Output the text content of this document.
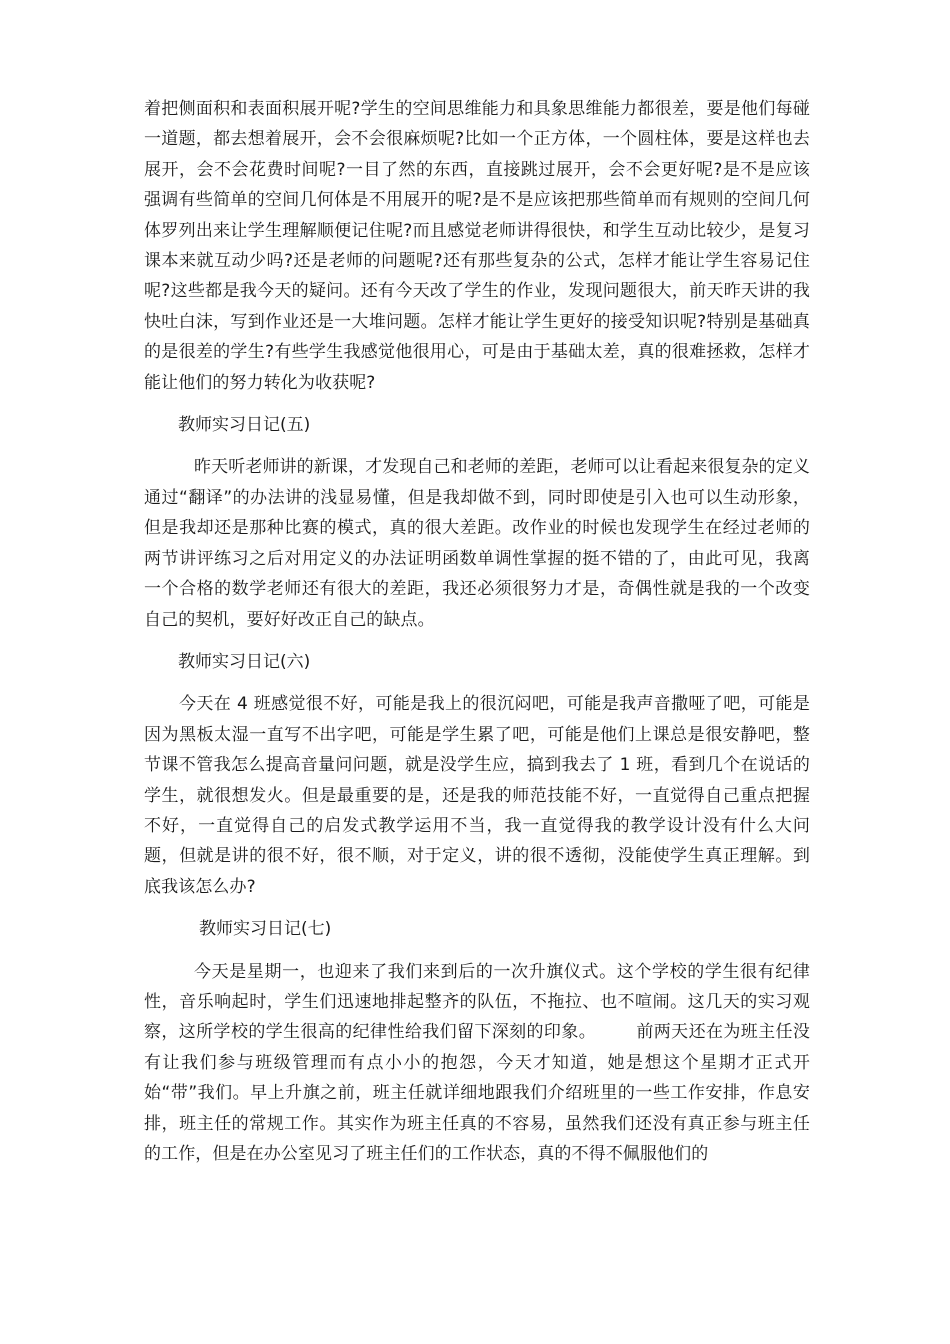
着把侧面积和表面积展开呢?学生的空间思维能力和具象思维能力都很差，要是他们每碰一道题，都去想着展开，会不会很麻烦呢?比如一个正方体，一个圆柱体，要是这样也去展开，会不会花费时间呢?一目了然的东西，直接跳过展开，会不会更好呢?是不是应该强调有些简单的空间几何体是不用展开的呢?是不是应该把那些简单而有规则的空间几何体罗列出来让学生理解顺便记住呢?而且感觉老师讲得很快，和学生互动比较少，是复习课本来就互动少吗?还是老师的问题呢?还有那些复杂的公式，怎样才能让学生容易记住呢?这些都是我今天的疑问。还有今天改了学生的作业，发现问题很大，前天昨天讲的我快吐白沫，写到作业还是一大堆问题。怎样才能让学生更好的接受知识呢?特别是基础真的是很差的学生?有些学生我感觉他很用心，可是由于基础太差，真的很难拯救，怎样才能让他们的努力转化为收获呢?

教师实习日记(五)

昨天听老师讲的新课，才发现自己和老师的差距，老师可以让看起来很复杂的定义通过“翻译”的办法讲的浅显易懂，但是我却做不到，同时即使是引入也可以生动形象，但是我却还是那种比赛的模式，真的很大差距。改作业的时候也发现学生在经过老师的两节讲评练习之后对用定义的办法证明函数单调性掌握的挺不错的了，由此可见，我离一个合格的数学老师还有很大的差距，我还必须很努力才是，奇偶性就是我的一个改变自己的契机，要好好改正自己的缺点。

教师实习日记(六)

今天在 4 班感觉很不好，可能是我上的很沉闷吧，可能是我声音撒哑了吧，可能是因为黑板太湿一直写不出字吧，可能是学生累了吧，可能是他们上课总是很安静吧，整节课不管我怎么提高音量问问题，就是没学生应，搞到我去了 1 班，看到几个在说话的学生，就很想发火。但是最重要的是，还是我的师范技能不好，一直觉得自己重点把握不好，一直觉得自己的启发式教学运用不当，我一直觉得我的教学设计没有什么大问题，但就是讲的很不好，很不顺，对于定义，讲的很不透彻，没能使学生真正理解。到底我该怎么办?

教师实习日记(七)

今天是星期一，也迎来了我们来到后的一次升旗仪式。这个学校的学生很有纪律性，音乐响起时，学生们迅速地排起整齐的队伍，不拖拉、也不喧闹。这几天的实习观察，这所学校的学生很高的纪律性给我们留下深刻的印象。 前两天还在为班主任没有让我们参与班级管理而有点小小的抱怨，今天才知道，她是想这个星期才正式开始“带”我们。早上升旗之前，班主任就详细地跟我们介绍班里的一些工作安排，作息安排，班主任的常规工作。其实作为班主任真的不容易，虽然我们还没有真正参与班主任的工作，但是在办公室见习了班主任们的工作状态，真的不得不佩服他们的
